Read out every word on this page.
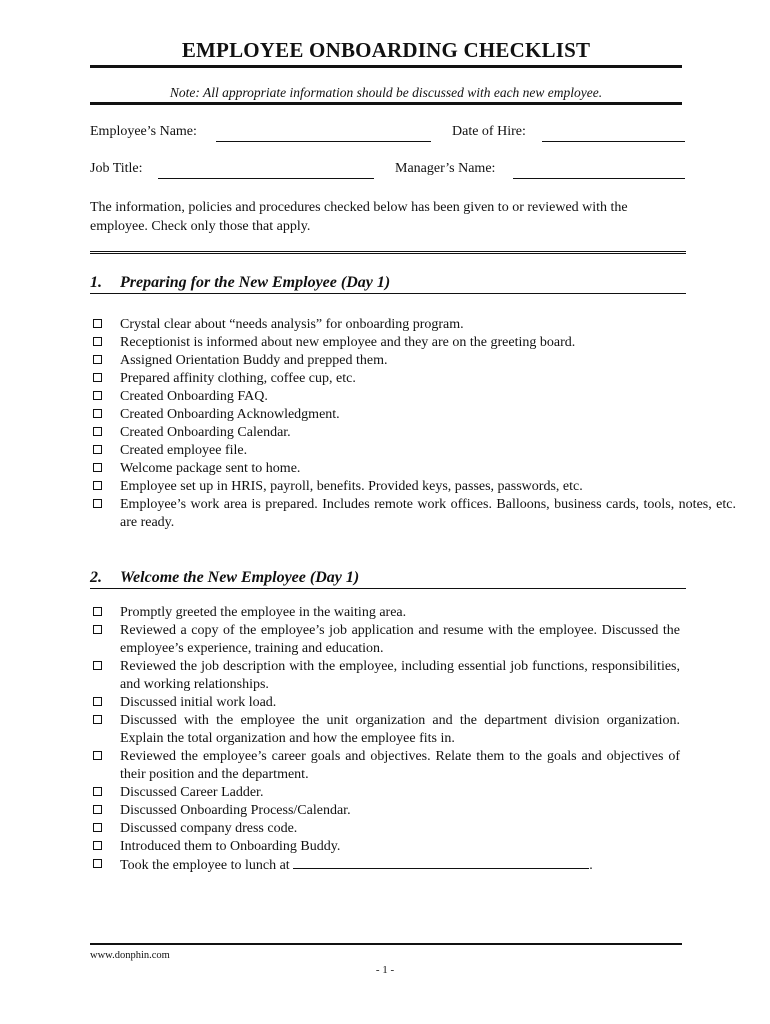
EMPLOYEE ONBOARDING CHECKLIST
Note: All appropriate information should be discussed with each new employee.
Employee’s Name:	Date of Hire:
Job Title:	Manager’s Name:
The information, policies and procedures checked below has been given to or reviewed with the employee. Check only those that apply.
1. Preparing for the New Employee (Day 1)
Crystal clear about “needs analysis” for onboarding program.
Receptionist is informed about new employee and they are on the greeting board.
Assigned Orientation Buddy and prepped them.
Prepared affinity clothing, coffee cup, etc.
Created Onboarding FAQ.
Created Onboarding Acknowledgment.
Created Onboarding Calendar.
Created employee file.
Welcome package sent to home.
Employee set up in HRIS, payroll, benefits. Provided keys, passes, passwords, etc.
Employee’s work area is prepared. Includes remote work offices. Balloons, business cards, tools, notes, etc. are ready.
2. Welcome the New Employee (Day 1)
Promptly greeted the employee in the waiting area.
Reviewed a copy of the employee’s job application and resume with the employee. Discussed the employee’s experience, training and education.
Reviewed the job description with the employee, including essential job functions, responsibilities, and working relationships.
Discussed initial work load.
Discussed with the employee the unit organization and the department division organization. Explain the total organization and how the employee fits in.
Reviewed the employee’s career goals and objectives. Relate them to the goals and objectives of their position and the department.
Discussed Career Ladder.
Discussed Onboarding Process/Calendar.
Discussed company dress code.
Introduced them to Onboarding Buddy.
Took the employee to lunch at	.
www.donphin.com
- 1 -
